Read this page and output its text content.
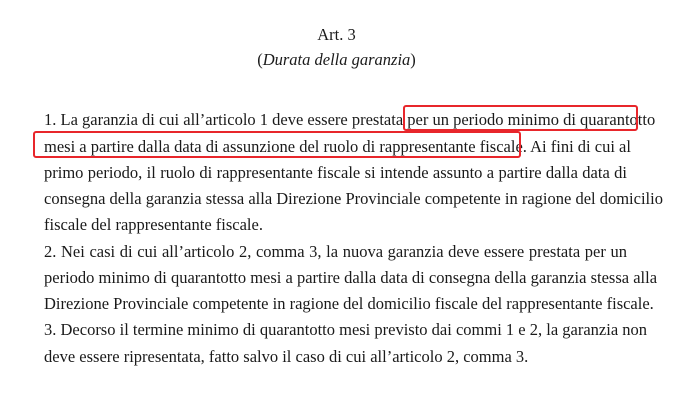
Art. 3
(Durata della garanzia)
1. La garanzia di cui all’articolo 1 deve essere prestata per un periodo minimo di quarantotto
mesi a partire dalla data di assunzione del ruolo di rappresentante fiscale. Ai fini di cui al
primo periodo, il ruolo di rappresentante fiscale si intende assunto a partire dalla data di
consegna della garanzia stessa alla Direzione Provinciale competente in ragione del domicilio
fiscale del rappresentante fiscale.
2. Nei casi di cui all’articolo 2, comma 3, la nuova garanzia deve essere prestata per un
periodo minimo di quarantotto mesi a partire dalla data di consegna della garanzia stessa alla
Direzione Provinciale competente in ragione del domicilio fiscale del rappresentante fiscale.
3. Decorso il termine minimo di quarantotto mesi previsto dai commi 1 e 2, la garanzia non
deve essere ripresentata, fatto salvo il caso di cui all’articolo 2, comma 3.
